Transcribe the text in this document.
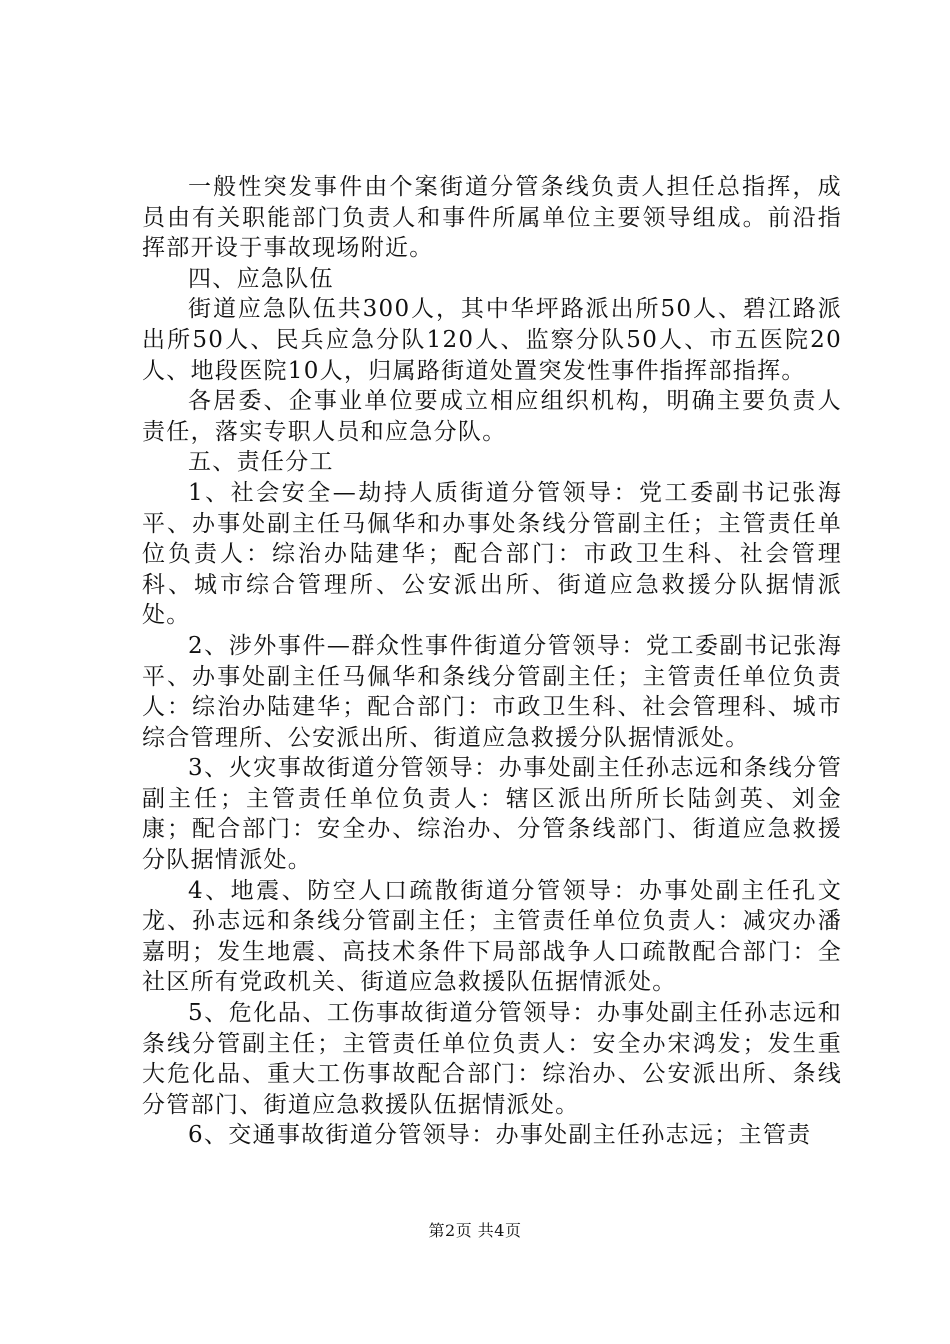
一般性突发事件由个案街道分管条线负责人担任总指挥，成员由有关职能部门负责人和事件所属单位主要领导组成。前沿指挥部开设于事故现场附近。

四、应急队伍

街道应急队伍共300人，其中华坪路派出所50人、碧江路派出所50人、民兵应急分队120人、监察分队50人、市五医院20人、地段医院10人，归属路街道处置突发性事件指挥部指挥。

各居委、企事业单位要成立相应组织机构，明确主要负责人责任，落实专职人员和应急分队。

五、责任分工

1、社会安全—劫持人质街道分管领导：党工委副书记张海平、办事处副主任马佩华和办事处条线分管副主任；主管责任单位负责人：综治办陆建华；配合部门：市政卫生科、社会管理科、城市综合管理所、公安派出所、街道应急救援分队据情派处。

2、涉外事件—群众性事件街道分管领导：党工委副书记张海平、办事处副主任马佩华和条线分管副主任；主管责任单位负责人：综治办陆建华；配合部门：市政卫生科、社会管理科、城市综合管理所、公安派出所、街道应急救援分队据情派处。

3、火灾事故街道分管领导：办事处副主任孙志远和条线分管副主任；主管责任单位负责人：辖区派出所所长陆剑英、刘金康；配合部门：安全办、综治办、分管条线部门、街道应急救援分队据情派处。

4、地震、防空人口疏散街道分管领导：办事处副主任孔文龙、孙志远和条线分管副主任；主管责任单位负责人：减灾办潘嘉明；发生地震、高技术条件下局部战争人口疏散配合部门：全社区所有党政机关、街道应急救援队伍据情派处。

5、危化品、工伤事故街道分管领导：办事处副主任孙志远和条线分管副主任；主管责任单位负责人：安全办宋鸿发；发生重大危化品、重大工伤事故配合部门：综治办、公安派出所、条线分管部门、街道应急救援队伍据情派处。

6、交通事故街道分管领导：办事处副主任孙志远；主管责

第2页 共4页
